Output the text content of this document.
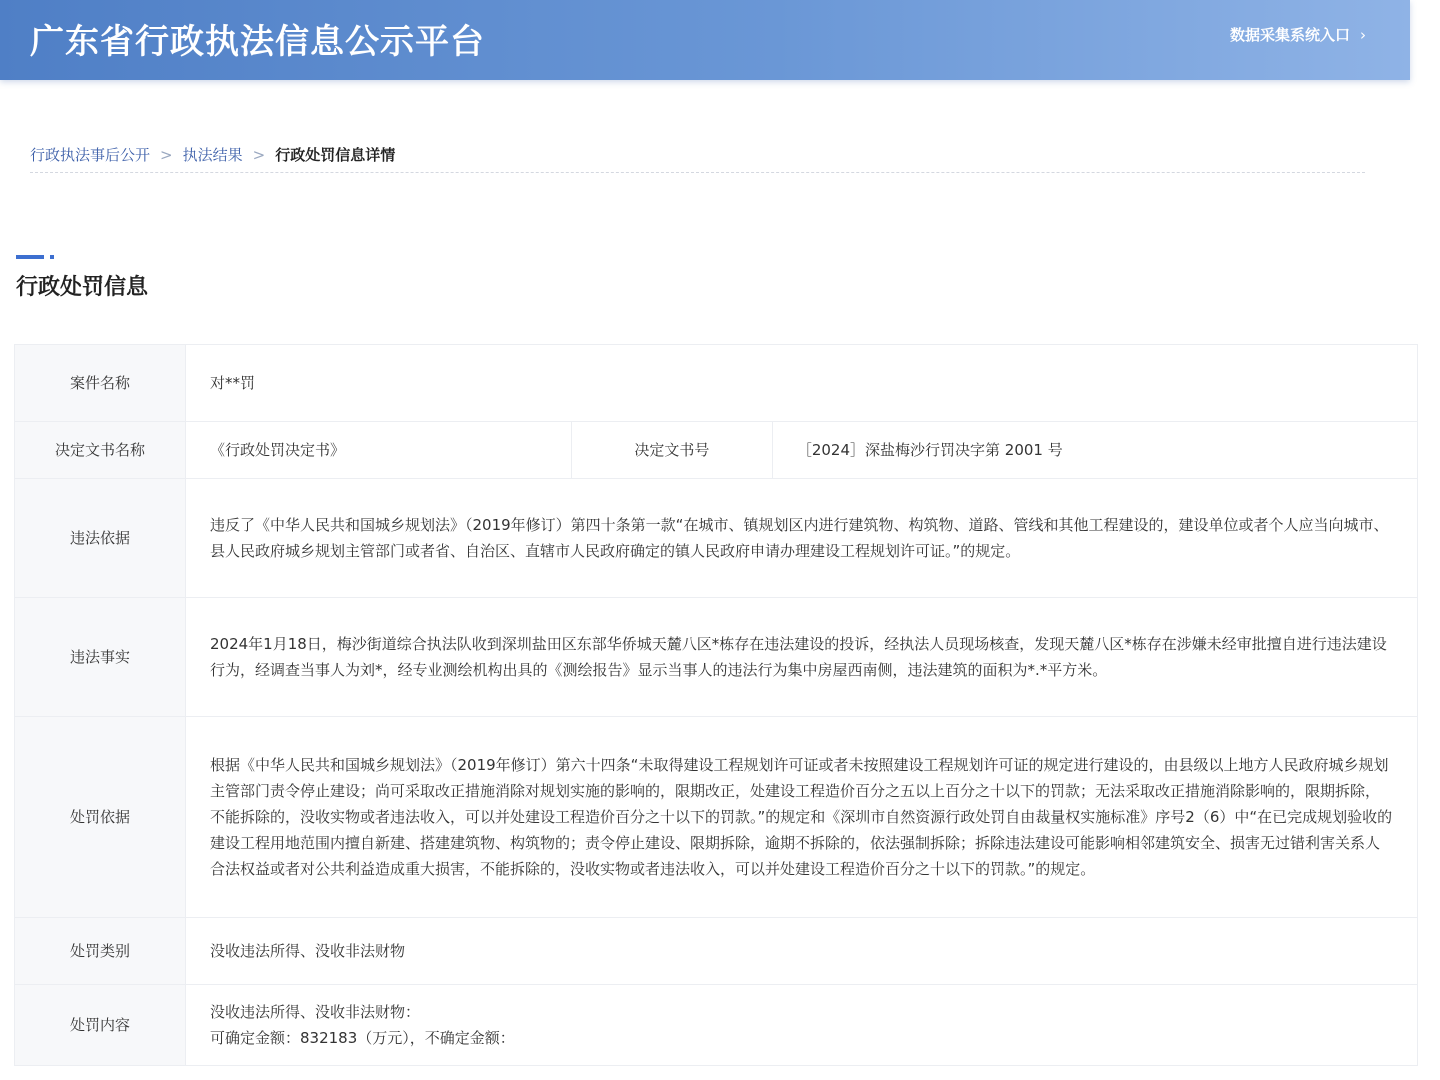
广东省行政执法信息公示平台	数据采集系统入口 ›
行政执法事后公开 > 执法结果 > 行政处罚信息详情
行政处罚信息
案件名称	对**罚		
决定文书名称	《行政处罚决定书》	决定文书号	［2024］深盐梅沙行罚决字第 2001 号
违法依据	违反了《中华人民共和国城乡规划法》（2019年修订）第四十条第一款“在城市、镇规划区内进行建筑物、构筑物、道路、管线和其他工程建设的，建设单位或者个人应当向城市、县人民政府城乡规划主管部门或者省、自治区、直辖市人民政府确定的镇人民政府申请办理建设工程规划许可证。”的规定。		
违法事实	2024年1月18日，梅沙街道综合执法队收到深圳盐田区东部华侨城天麓八区*栋存在违法建设的投诉，经执法人员现场核查，发现天麓八区*栋存在涉嫌未经审批擅自进行违法建设行为，经调查当事人为刘*，经专业测绘机构出具的《测绘报告》显示当事人的违法行为集中房屋西南侧，违法建筑的面积为*.*平方米。		
处罚依据	根据《中华人民共和国城乡规划法》（2019年修订）第六十四条“未取得建设工程规划许可证或者未按照建设工程规划许可证的规定进行建设的，由县级以上地方人民政府城乡规划主管部门责令停止建设；尚可采取改正措施消除对规划实施的影响的，限期改正，处建设工程造价百分之五以上百分之十以下的罚款；无法采取改正措施消除影响的，限期拆除，不能拆除的，没收实物或者违法收入，可以并处建设工程造价百分之十以下的罚款。”的规定和《深圳市自然资源行政处罚自由裁量权实施标准》序号2（6）中“在已完成规划验收的建设工程用地范围内擅自新建、搭建建筑物、构筑物的；责令停止建设、限期拆除，逾期不拆除的，依法强制拆除；拆除违法建设可能影响相邻建筑安全、损害无过错利害关系人合法权益或者对公共利益造成重大损害，不能拆除的，没收实物或者违法收入，可以并处建设工程造价百分之十以下的罚款。”的规定。		
处罚类别	没收违法所得、没收非法财物		
处罚内容	没收违法所得、没收非法财物：
可确定金额：832183（万元），不确定金额：		
